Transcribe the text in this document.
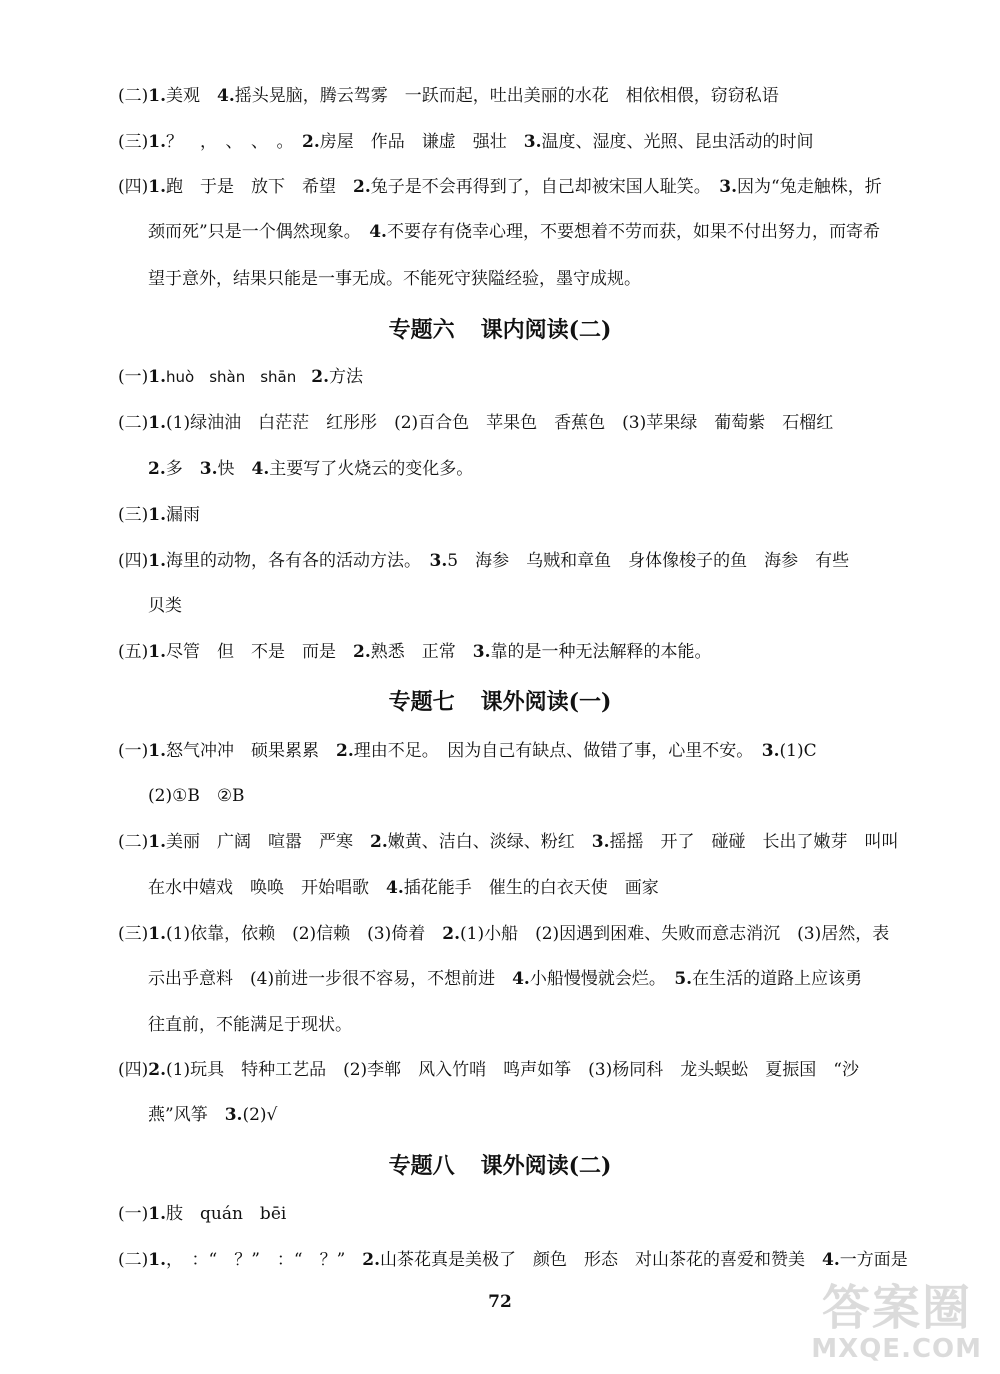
(二)1.美观　4.摇头晃脑，腾云驾雾　一跃而起，吐出美丽的水花　相依相偎，窃窃私语
(三)1.？　，　、　、　。　2.房屋　作品　谦虚　强壮　3.温度、湿度、光照、昆虫活动的时间
(四)1.跑　于是　放下　希望　2.兔子是不会再得到了，自己却被宋国人耻笑。　3.因为“兔走触株，折
颈而死”只是一个偶然现象。　4.不要存有侥幸心理，不要想着不劳而获，如果不付出努力，而寄希
望于意外，结果只能是一事无成。不能死守狭隘经验，墨守成规。
专题六 课内阅读(二)
(一)1.huò　shàn　shān　2.方法
(二)1.(1)绿油油　白茫茫　红彤彤　(2)百合色　苹果色　香蕉色　(3)苹果绿　葡萄紫　石榴红
2.多　3.快　4.主要写了火烧云的变化多。
(三)1.漏雨
(四)1.海里的动物，各有各的活动方法。　3.5　海参　乌贼和章鱼　身体像梭子的鱼　海参　有些
贝类
(五)1.尽管　但　不是　而是　2.熟悉　正常　3.靠的是一种无法解释的本能。
专题七 课外阅读(一)
(一)1.怒气冲冲　硕果累累　2.理由不足。　因为自己有缺点、做错了事，心里不安。　3.(1)C
(2)①B　②B
(二)1.美丽　广阔　喧嚣　严寒　2.嫩黄、洁白、淡绿、粉红　3.摇摇　开了　碰碰　长出了嫩芽　叫叫
在水中嬉戏　唤唤　开始唱歌　4.插花能手　催生的白衣天使　画家
(三)1.(1)依靠，依赖　(2)信赖　(3)倚着　2.(1)小船　(2)因遇到困难、失败而意志消沉　(3)居然，表
示出乎意料　(4)前进一步很不容易，不想前进　4.小船慢慢就会烂。　5.在生活的道路上应该勇
往直前，不能满足于现状。
(四)2.(1)玩具　特种工艺品　(2)李郸　风入竹哨　鸣声如筝　(3)杨同科　龙头蜈蚣　夏振国　“沙
燕”风筝　3.(2)√
专题八 课外阅读(二)
(一)1.肢　quán　bēi
(二)1.，　：“　？”　：“　？”　2.山茶花真是美极了　颜色　形态　对山茶花的喜爱和赞美　4.一方面是
72	答案圈
MXQE.COM
